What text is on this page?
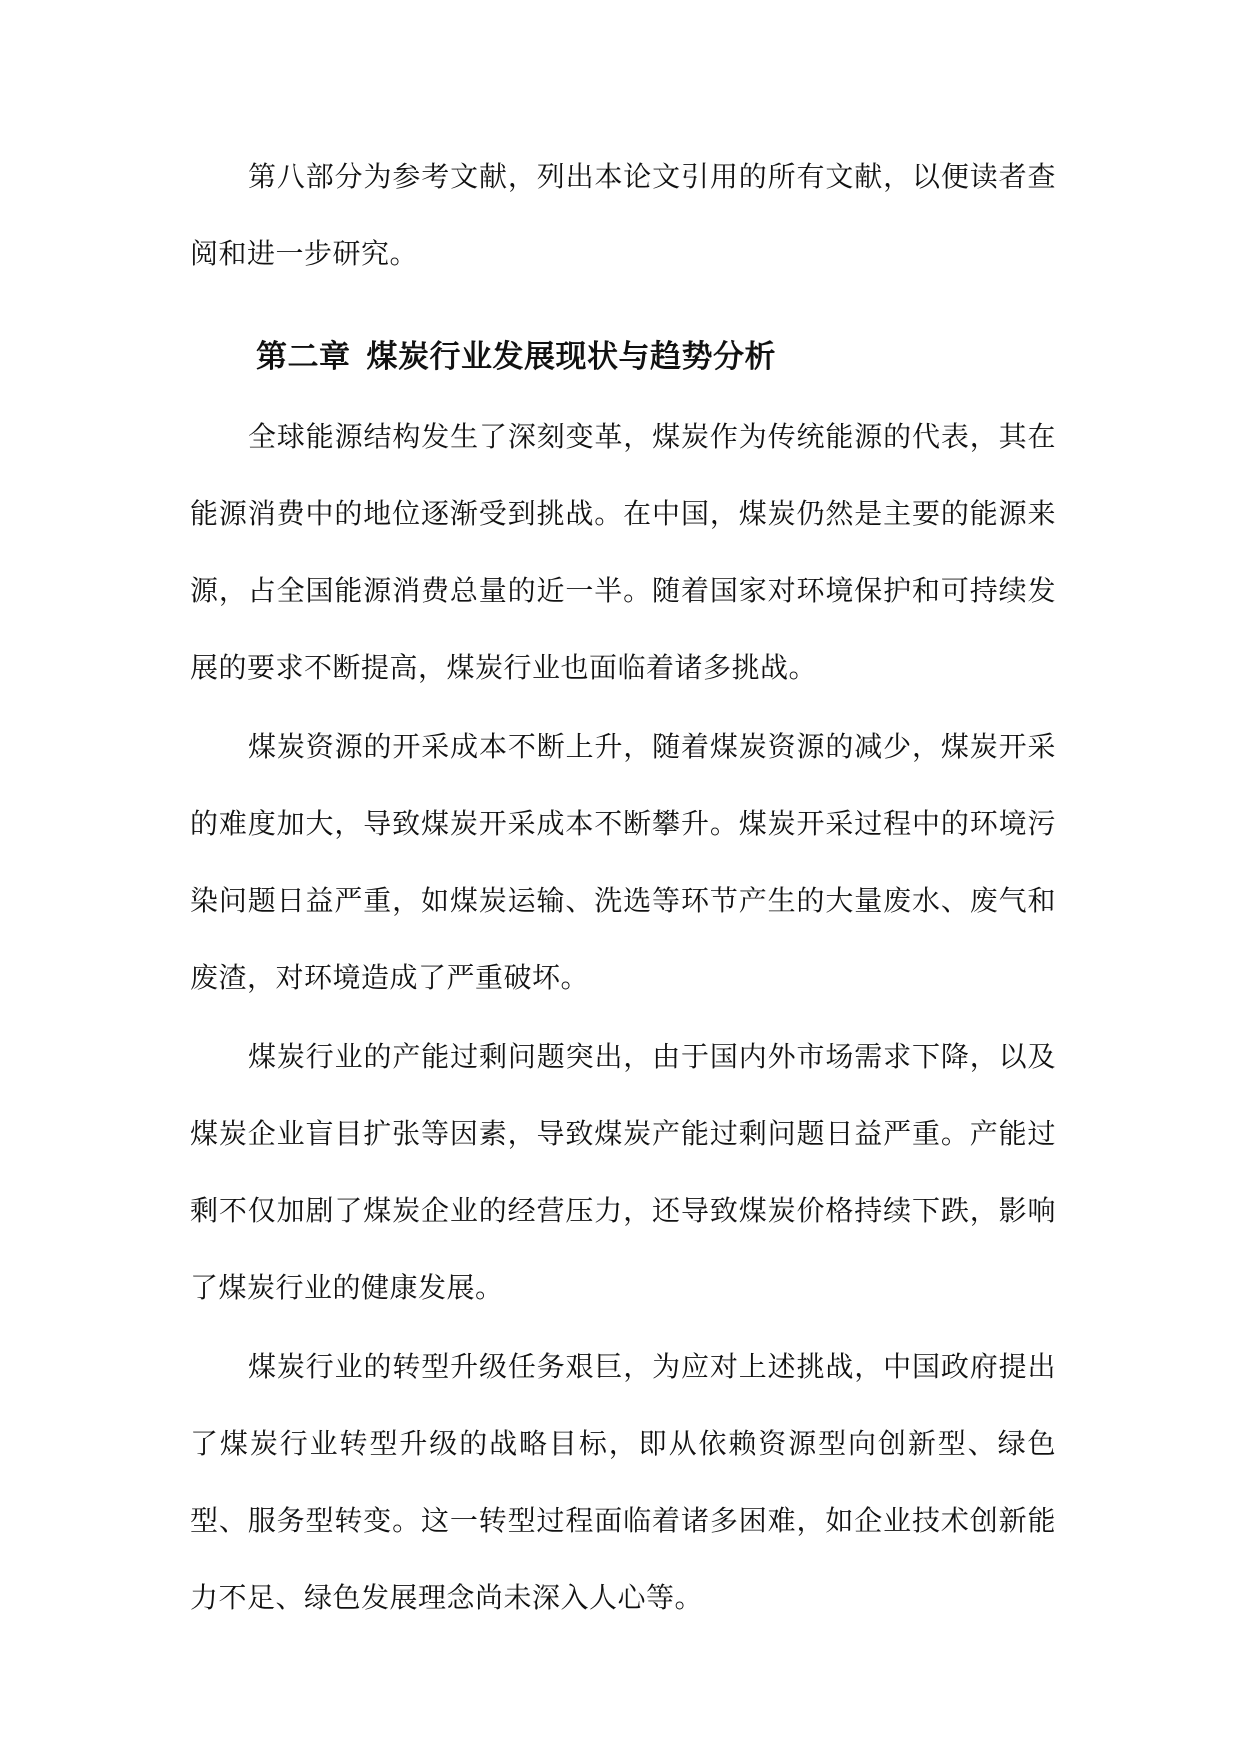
第八部分为参考文献，列出本论文引用的所有文献，以便读者查阅和进一步研究。

第二章 煤炭行业发展现状与趋势分析

全球能源结构发生了深刻变革，煤炭作为传统能源的代表，其在能源消费中的地位逐渐受到挑战。在中国，煤炭仍然是主要的能源来源，占全国能源消费总量的近一半。随着国家对环境保护和可持续发展的要求不断提高，煤炭行业也面临着诸多挑战。

煤炭资源的开采成本不断上升，随着煤炭资源的减少，煤炭开采的难度加大，导致煤炭开采成本不断攀升。煤炭开采过程中的环境污染问题日益严重，如煤炭运输、洗选等环节产生的大量废水、废气和废渣，对环境造成了严重破坏。

煤炭行业的产能过剩问题突出，由于国内外市场需求下降，以及煤炭企业盲目扩张等因素，导致煤炭产能过剩问题日益严重。产能过剩不仅加剧了煤炭企业的经营压力，还导致煤炭价格持续下跌，影响了煤炭行业的健康发展。

煤炭行业的转型升级任务艰巨，为应对上述挑战，中国政府提出了煤炭行业转型升级的战略目标，即从依赖资源型向创新型、绿色型、服务型转变。这一转型过程面临着诸多困难，如企业技术创新能力不足、绿色发展理念尚未深入人心等。
